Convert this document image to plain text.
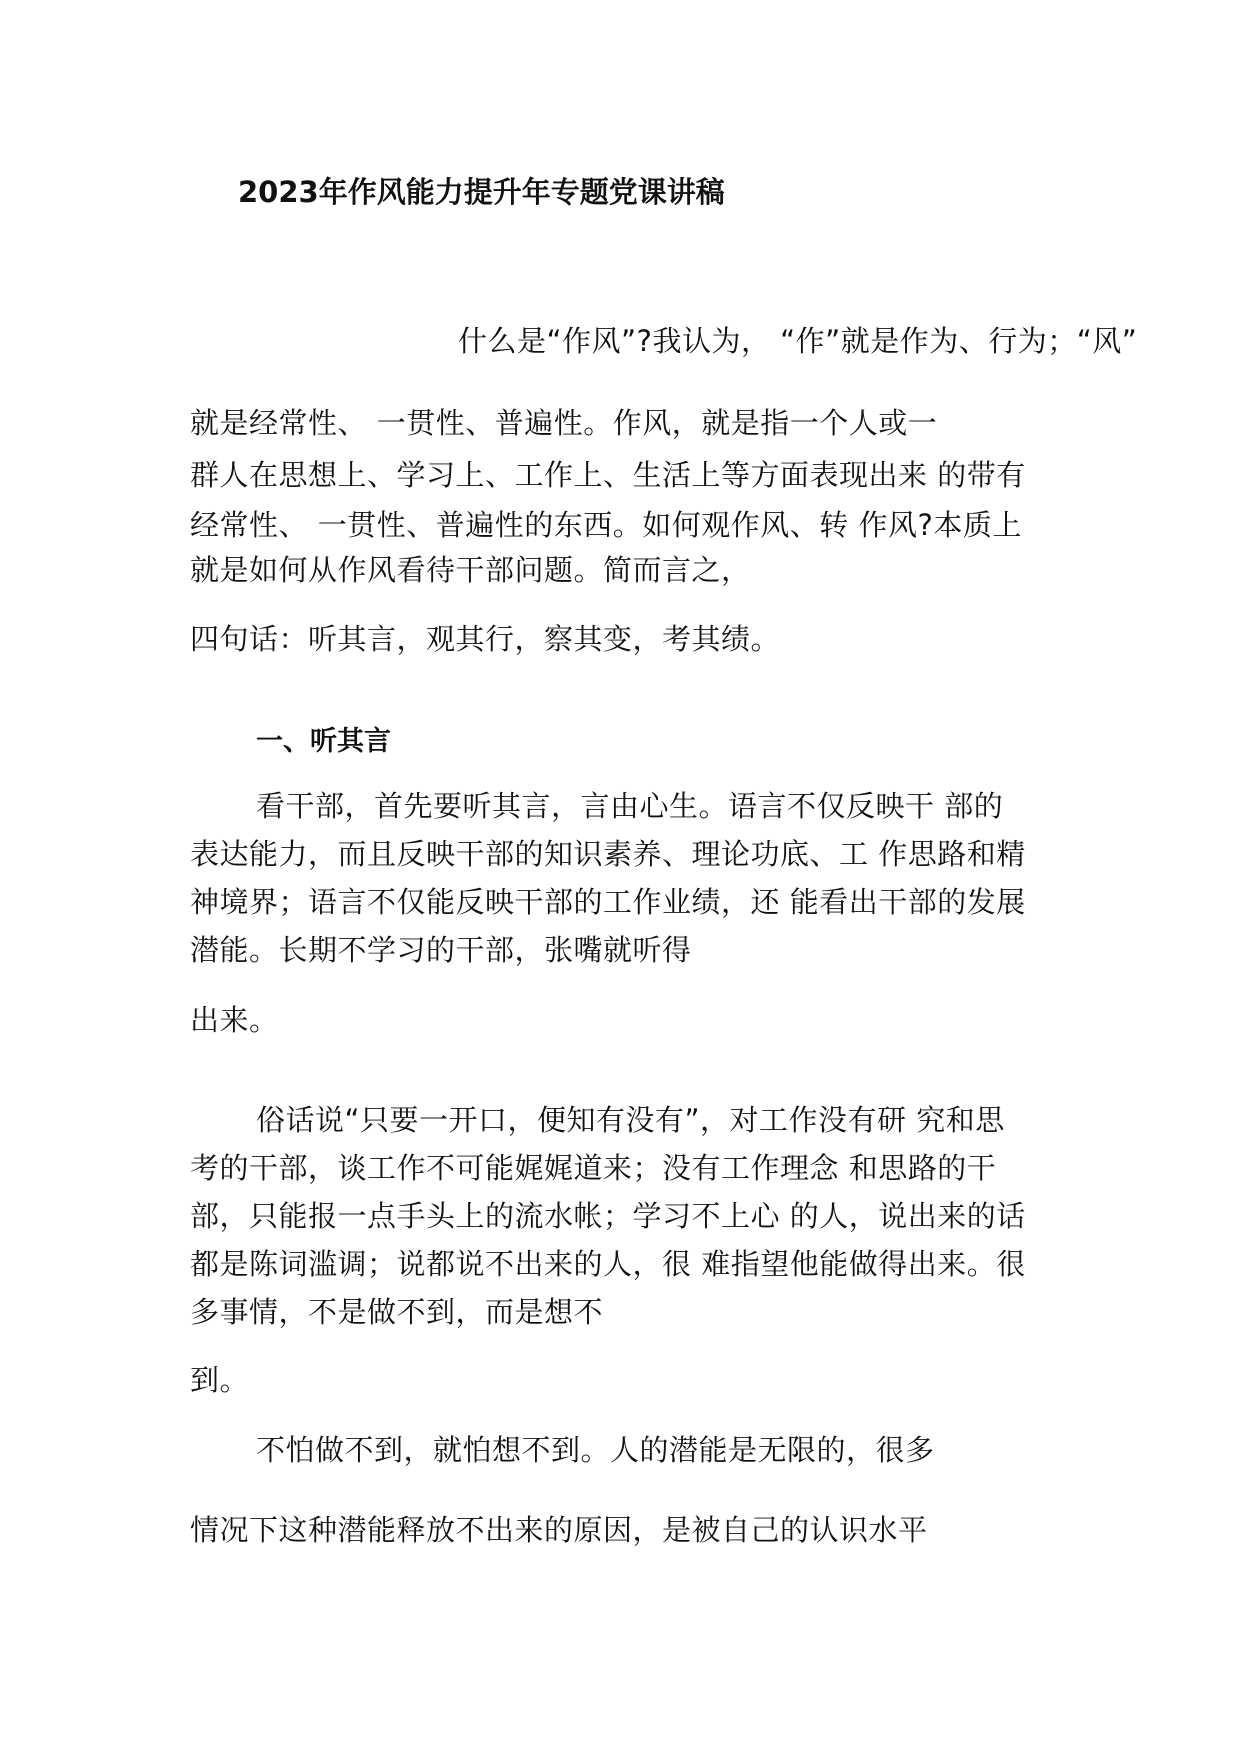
2023年作风能力提升年专题党课讲稿
什么是“作风”?我认为， “作”就是作为、行为；“风”
就是经常性、 一贯性、普遍性。作风，就是指一个人或一
群人在思想上、学习上、工作上、生活上等方面表现出来 的带有
经常性、 一贯性、普遍性的东西。如何观作风、转 作风?本质上
就是如何从作风看待干部问题。简而言之，
四句话：听其言，观其行，察其变，考其绩。
一、听其言
看干部，首先要听其言，言由心生。语言不仅反映干 部的
表达能力，而且反映干部的知识素养、理论功底、工 作思路和精
神境界；语言不仅能反映干部的工作业绩，还 能看出干部的发展
潜能。长期不学习的干部，张嘴就听得
出来。
俗话说“只要一开口，便知有没有”，对工作没有研 究和思
考的干部，谈工作不可能娓娓道来；没有工作理念 和思路的干
部，只能报一点手头上的流水帐；学习不上心 的人，说出来的话
都是陈词滥调；说都说不出来的人，很 难指望他能做得出来。很
多事情，不是做不到，而是想不
到。
不怕做不到，就怕想不到。人的潜能是无限的，很多
情况下这种潜能释放不出来的原因，是被自己的认识水平
